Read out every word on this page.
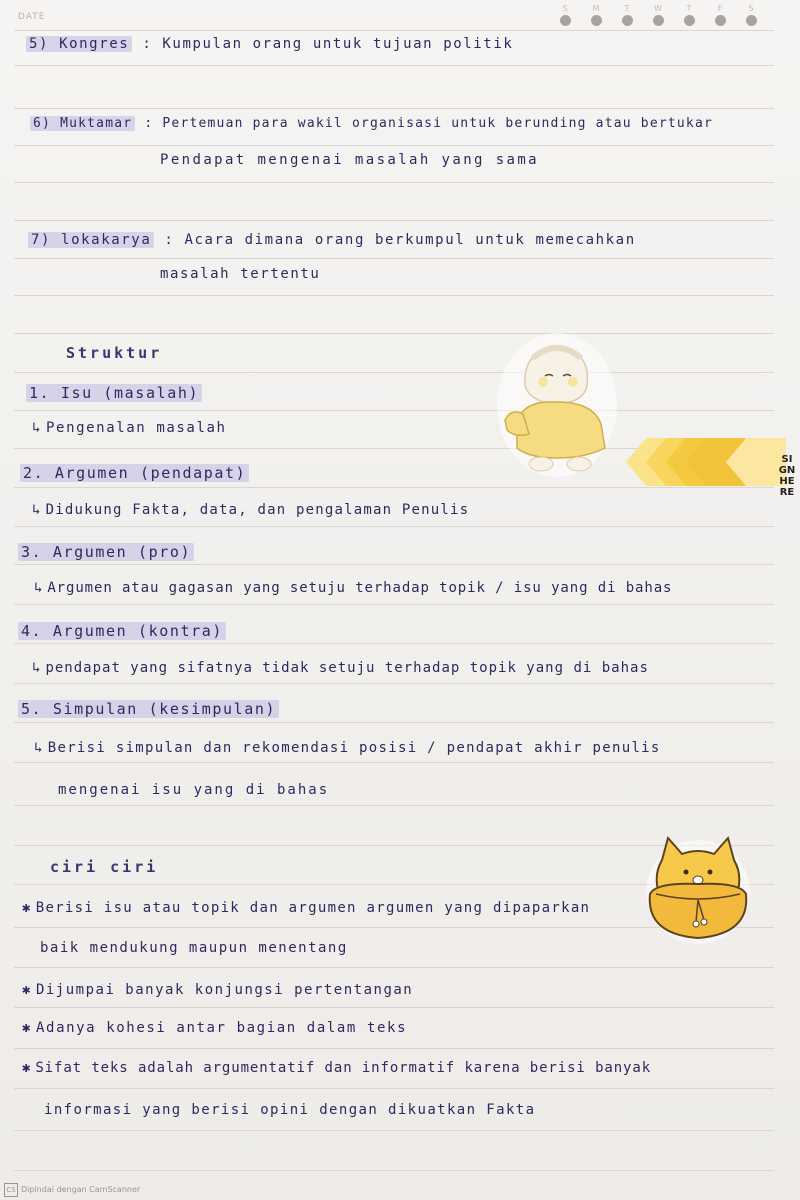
DATE
S	M	T	W	T	F	S
5) Kongres : Kumpulan orang untuk tujuan politik
6) Muktamar : Pertemuan para wakil organisasi untuk berunding atau bertukar
Pendapat mengenai masalah yang sama
7) lokakarya : Acara dimana orang berkumpul untuk memecahkan
masalah tertentu
Struktur
1. Isu (masalah)
↳ Pengenalan masalah
2. Argumen (pendapat)
↳ Didukung Fakta, data, dan pengalaman Penulis
3. Argumen (pro)
↳ Argumen atau gagasan yang setuju terhadap topik / isu yang di bahas
4. Argumen (kontra)
↳ pendapat yang sifatnya tidak setuju terhadap topik yang di bahas
5. Simpulan (kesimpulan)
↳ Berisi simpulan dan rekomendasi posisi / pendapat akhir penulis
mengenai isu yang di bahas
ciri ciri
✱ Berisi isu atau topik dan argumen argumen yang dipaparkan
baik mendukung maupun menentang
✱ Dijumpai banyak konjungsi pertentangan
✱ Adanya kohesi antar bagian dalam teks
✱ Sifat teks adalah argumentatif dan informatif karena berisi banyak
informasi yang berisi opini dengan dikuatkan Fakta
SIGN HERE
CS Dipindai dengan CamScanner
